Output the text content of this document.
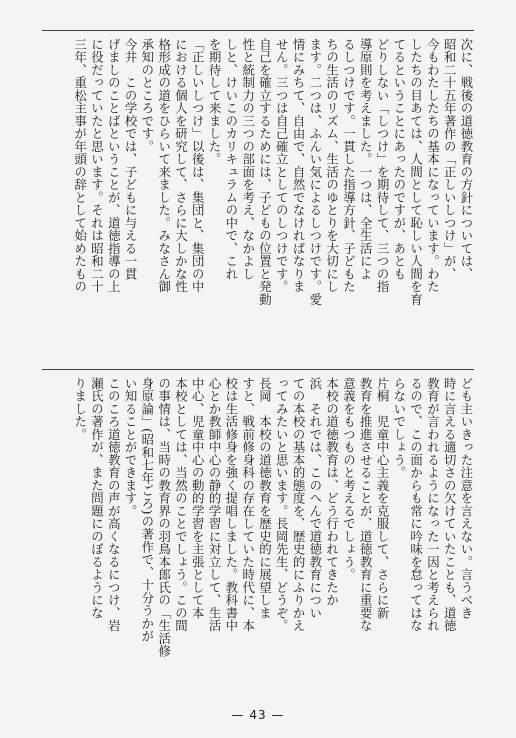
次に、戦後の道徳教育の方針については、
昭和二十五年著作の「正しいしつけ」が、
今もわたしたちの基本になっています。わた
したちの目あては、人間として恥しい人間を育
てるということにあったのですが、あとも
どりしない「しつけ」を期待して、三つの指
導原則を考えました。一つは、全生活によ
るしつけです。一貫した指導方針、子どもた
ちの生活のリズム、生活のゆとりを大切にし
ます。二つは、ふんい気によるしつけです。愛
情にみちて、自由で、自然でなければなりま
せん。三つは自己確立としてのしつけです。
自己を確立するためには、子どもの位置と発動
性と統制力の三つの部面を考え、なかよし
しと、けいこのカリキュラムの中で、これ
を期待して来ました。
「正しいしつけ」以後は、集団と、集団の中
における個人を研究して、さらに大しかな性
格形成の道をひらいて来ました。みなさん御
承知のところです。
今井　この学校では、子どもに与える一貫
げましのことばということが、道徳指導の上
に役だっていたと思います。それは昭和二十
三年、重松主事が年頭の辞として始めたもの
ども主いきった注意を言えない。言うべき
時に言える適切さの欠けていたことも、道徳
教育が言われるようになった一因と考えられ
るので、この面からも常に吟味を怠ってはな
らないでしょう。
片桐　児童中心主義を克服して、さらに新
教育を推進させることが、道徳教育に重要な
意義をもつものと考えるでしょう。
本校の道徳教育は、どう行われてきたか
浜　それでは、このへんで道徳教育につい
ての本校の基本的態度を、歴史的にふりかえ
ってみたいと思います。長岡先生、どうぞ。
長岡　本校の道徳教育を歴史的に展望しま
すと、戦前修身科の存在していた時代に、本
校は生活修身を強く提唱しました。教科書中
心とか教師中心の静的学習に対立して、生活
中心、児童中心の動的学習を主張として本
本校としては、当然のことでしょう。この間
の事情は、当時の教育界の羽鳥本郎氏の「生活修
身原論」(昭和七年ごろ)の著作で、十分うかが
い知ることができます。
このころ道徳教育の声が高くなるにつけ、岩
瀬氏の著作が、また問題にのぼるようにな
りました。
— 43 —
